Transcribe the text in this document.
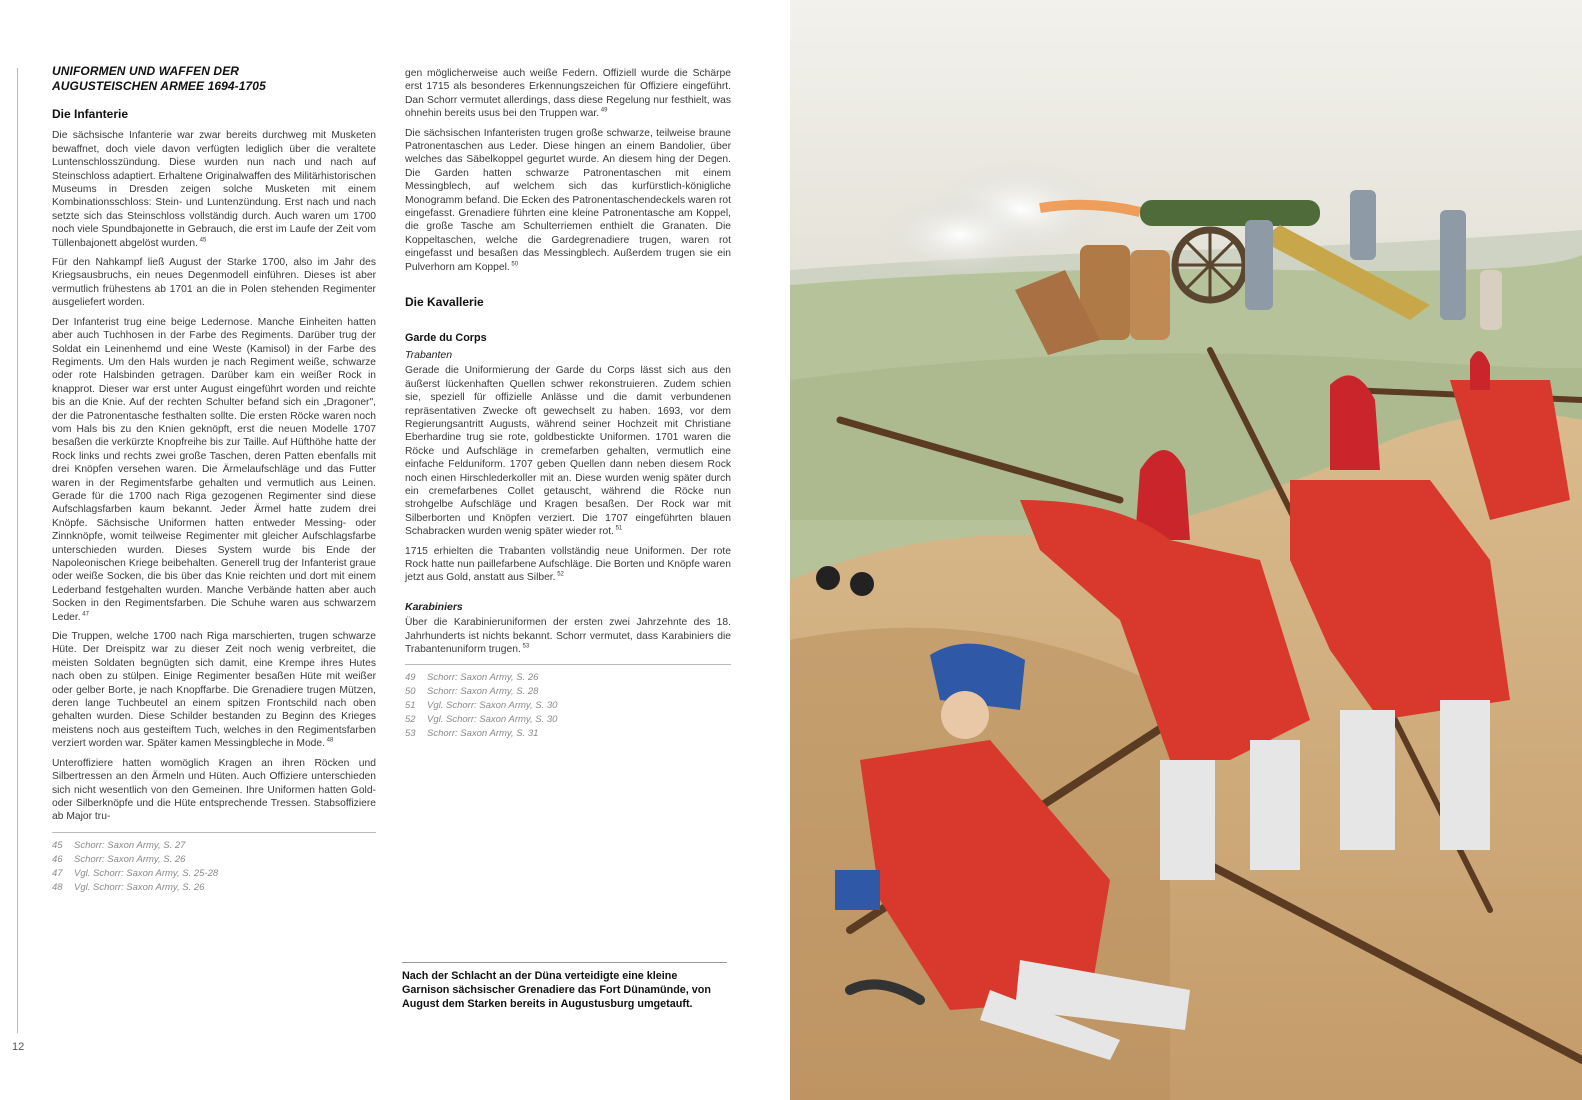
UNIFORMEN UND WAFFEN DER
AUGUSTEISCHEN ARMEE 1694-1705
Die Infanterie

Die sächsische Infanterie war zwar bereits durchweg mit Musketen bewaffnet, doch viele davon verfügten lediglich über die veraltete Luntenschlosszündung. Diese wurden nun nach und nach auf Steinschloss adaptiert. Erhaltene Originalwaffen des Militärhistorischen Museums in Dresden zeigen solche Musketen mit einem Kombinationsschloss: Stein- und Luntenzündung. Erst nach und nach setzte sich das Steinschloss vollständig durch. Auch waren um 1700 noch viele Spundbajonette in Gebrauch, die erst im Laufe der Zeit vom Tüllenbajonett abgelöst wurden. $^{45}$

Für den Nahkampf ließ August der Starke 1700, also im Jahr des Kriegsausbruchs, ein neues Degenmodell einführen. Dieses ist aber vermutlich frühestens ab 1701 an die in Polen stehenden Regimenter ausgeliefert worden.

Der Infanterist trug eine beige Ledernose. Manche Einheiten hatten aber auch Tuchhosen in der Farbe des Regiments. Darüber trug der Soldat ein Leinenhemd und eine Weste (Kamisol) in der Farbe des Regiments. Um den Hals wurden je nach Regiment weiße, schwarze oder rote Halsbinden getragen. Darüber kam ein weißer Rock in knapprot. Dieser war erst unter August eingeführt worden und reichte bis an die Knie. Auf der rechten Schulter befand sich ein „Dragoner", der die Patronentasche festhalten sollte. Die ersten Röcke waren noch vom Hals bis zu den Knien geknöpft, erst die neuen Modelle 1707 besaßen die verkürzte Knopfreihe bis zur Taille. Auf Hüfthöhe hatte der Rock links und rechts zwei große Taschen, deren Patten ebenfalls mit drei Knöpfen versehen waren. Die Ärmelaufschläge und das Futter waren in der Regimentsfarbe gehalten und vermutlich aus Leinen. Gerade für die 1700 nach Riga gezogenen Regimenter sind diese Aufschlagsfarben kaum bekannt. Jeder Ärmel hatte zudem drei Knöpfe. Sächsische Uniformen hatten entweder Messing- oder Zinnknöpfe, womit teilweise Regimenter mit gleicher Aufschlagsfarbe unterschieden wurden. Dieses System wurde bis Ende der Napoleonischen Kriege beibehalten. Generell trug der Infanterist graue oder weiße Socken, die bis über das Knie reichten und dort mit einem Lederband festgehalten wurden. Manche Verbände hatten aber auch Socken in den Regimentsfarben. Die Schuhe waren aus schwarzem Leder. $^{47}$

Die Truppen, welche 1700 nach Riga marschierten, trugen schwarze Hüte. Der Dreispitz war zu dieser Zeit noch wenig verbreitet, die meisten Soldaten begnügten sich damit, eine Krempe ihres Hutes nach oben zu stülpen. Einige Regimenter besaßen Hüte mit weißer oder gelber Borte, je nach Knopffarbe. Die Grenadiere trugen Mützen, deren lange Tuchbeutel an einem spitzen Frontschild nach oben gehalten wurden. Diese Schilder bestanden zu Beginn des Krieges meistens noch aus gesteiftem Tuch, welches in den Regimentsfarben verziert worden war. Später kamen Messingbleche in Mode. $^{48}$

Unteroffiziere hatten womöglich Kragen an ihren Röcken und Silbertressen an den Ärmeln und Hüten. Auch Offiziere unterschieden sich nicht wesentlich von den Gemeinen. Ihre Uniformen hatten Gold- oder Silberknöpfe und die Hüte entsprechende Tressen. Stabsoffiziere ab Major tru-

45 Schorr: Saxon Army, S. 27
46 Schorr: Saxon Army, S. 26
47 Vgl. Schorr: Saxon Army, S. 25-28
48 Vgl. Schorr: Saxon Army, S. 26

gen möglicherweise auch weiße Federn. Offiziell wurde die Schärpe erst 1715 als besonderes Erkennungszeichen für Offiziere eingeführt. Dan Schorr vermutet allerdings, dass diese Regelung nur festhielt, was ohnehin bereits usus bei den Truppen war. $^{49}$

Die sächsischen Infanteristen trugen große schwarze, teilweise braune Patronentaschen aus Leder. Diese hingen an einem Bandolier, über welches das Säbelkoppel gegurtet wurde. An diesem hing der Degen. Die Garden hatten schwarze Patronentaschen mit einem Messingblech, auf welchem sich das kurfürstlich-königliche Monogramm befand. Die Ecken des Patronentaschendeckels waren rot eingefasst. Grenadiere führten eine kleine Patronentasche am Koppel, die große Tasche am Schulterriemen enthielt die Granaten. Die Koppeltaschen, welche die Gardegrenadiere trugen, waren rot eingefasst und besaßen das Messingblech. Außerdem trugen sie ein Pulverhorn am Koppel. $^{50}$

Die Kavallerie
Garde du Corps
Trabanten

Gerade die Uniformierung der Garde du Corps lässt sich aus den äußerst lückenhaften Quellen schwer rekonstruieren. Zudem schien sie, speziell für offizielle Anlässe und die damit verbundenen repräsentativen Zwecke oft gewechselt zu haben. 1693, vor dem Regierungsantritt Augusts, während seiner Hochzeit mit Christiane Eberhardine trug sie rote, goldbestickte Uniformen. 1701 waren die Röcke und Aufschläge in cremefarben gehalten, vermutlich eine einfache Felduniform. 1707 geben Quellen dann neben diesem Rock noch einen Hirschlederkoller mit an. Diese wurden wenig später durch ein cremefarbenes Collet getauscht, während die Röcke nun strohgelbe Aufschläge und Kragen besaßen. Der Rock war mit Silberborten und Knöpfen verziert. Die 1707 eingeführten blauen Schabracken wurden wenig später wieder rot. $^{51}$

1715 erhielten die Trabanten vollständig neue Uniformen. Der rote Rock hatte nun paillefarbene Aufschläge. Die Borten und Knöpfe waren jetzt aus Gold, anstatt aus Silber. $^{52}$

Karabiniers

Über die Karabinieruniformen der ersten zwei Jahrzehnte des 18. Jahrhunderts ist nichts bekannt. Schorr vermutet, dass Karabiniers die Trabantenuniform trugen. $^{53}$

49 Schorr: Saxon Army, S. 26
50 Schorr: Saxon Army, S. 28
51 Vgl. Schorr: Saxon Army, S. 30
52 Vgl. Schorr: Saxon Army, S. 30
53 Schorr: Saxon Army, S. 31
Nach der Schlacht an der Düna verteidigte eine kleine Garnison sächsischer Grenadiere das Fort Dünamünde, von August dem Starken bereits in Augustusburg umgetauft.
12
